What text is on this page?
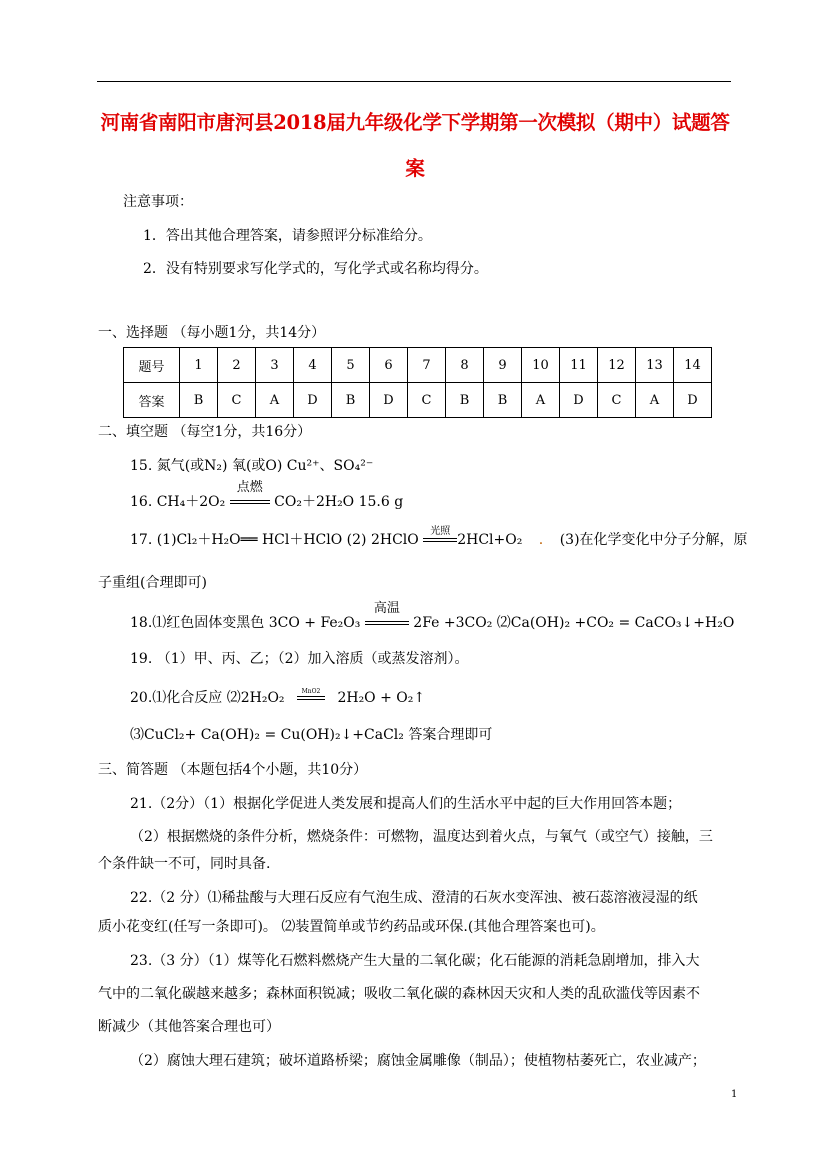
河南省南阳市唐河县2018届九年级化学下学期第一次模拟（期中）试题答
案
注意事项：
1．答出其他合理答案，请参照评分标准给分。
2．没有特别要求写化学式的，写化学式或名称均得分。
一、选择题 （每小题1分，共14分）
题号	1	2	3	4	5	6	7	8	9	10	11	12	13	14
答案	B	C	A	D	B	D	C	B	B	A	D	C	A	D
二、填空题 （每空1分，共16分）
15. 氮气(或N₂) 氧(或O) Cu²⁺、SO₄²⁻
16. CH₄＋2O₂
点燃
CO₂＋2H₂O 15.6 g
17. (1)Cl₂＋H₂O══ HCl＋HClO (2) 2HClO
光照
2HCl+O₂ . (3)在化学变化中分子分解，原
子重组(合理即可)
18.⑴红色固体变黑色 3CO + Fe₂O₃
高温
2Fe +3CO₂ ⑵Ca(OH)₂ +CO₂ = CaCO₃↓+H₂O
19. （1）甲、丙、乙；（2）加入溶质（或蒸发溶剂）。
20.⑴化合反应 ⑵2H₂O₂	MnO2	2H₂O + O₂↑
⑶CuCl₂+ Ca(OH)₂ = Cu(OH)₂↓+CaCl₂ 答案合理即可
三、简答题 （本题包括4个小题，共10分）
21.（2分）（1）根据化学促进人类发展和提高人们的生活水平中起的巨大作用回答本题；
（2）根据燃烧的条件分析，燃烧条件：可燃物，温度达到着火点，与氧气（或空气）接触，三
个条件缺一不可，同时具备.
22.（2 分）⑴稀盐酸与大理石反应有气泡生成、澄清的石灰水变浑浊、被石蕊溶液浸湿的纸
质小花变红(任写一条即可)。 ⑵装置简单或节约药品或环保.(其他合理答案也可)。
23.（3 分）（1）煤等化石燃料燃烧产生大量的二氧化碳；化石能源的消耗急剧增加，排入大
气中的二氧化碳越来越多；森林面积锐减；吸收二氧化碳的森林因天灾和人类的乱砍滥伐等因素不
断减少（其他答案合理也可）
（2）腐蚀大理石建筑；破坏道路桥梁；腐蚀金属雕像（制品）；使植物枯萎死亡，农业减产；
1
